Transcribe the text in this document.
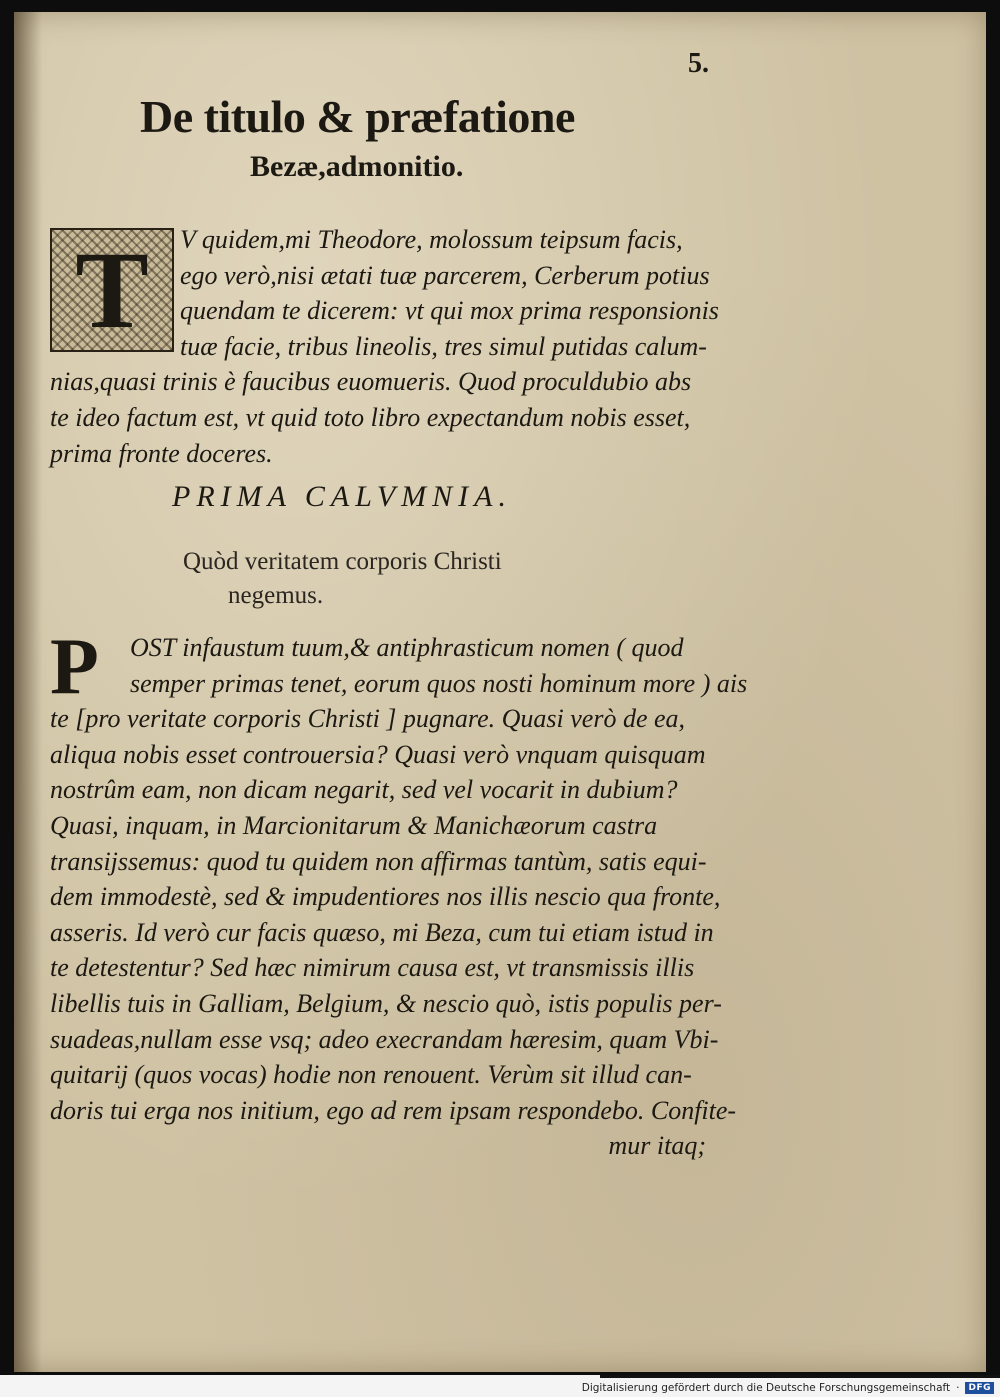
5.
De titulo & præfatione
Bezæ,admonitio.
T	V quidem,mi Theodore, molossum teipsum facis,
ego verò,nisi ætati tuæ parcerem, Cerberum potius
quendam te dicerem: vt qui mox prima responsionis
tuæ facie, tribus lineolis, tres simul putidas calum-
nias,quasi trinis è faucibus euomueris. Quod proculdubio abs
te ideo factum est, vt quid toto libro expectandum nobis esset,
prima fronte doceres.
PRIMA CALVMNIA.
Quòd veritatem corporis Christi
negemus.
P	OST infaustum tuum,& antiphrasticum nomen ( quod
semper primas tenet, eorum quos nosti hominum more ) ais
te [pro veritate corporis Christi ] pugnare. Quasi verò de ea,
aliqua nobis esset controuersia? Quasi verò vnquam quisquam
nostrûm eam, non dicam negarit, sed vel vocarit in dubium?
Quasi, inquam, in Marcionitarum & Manichæorum castra
transijssemus: quod tu quidem non affirmas tantùm, satis equi-
dem immodestè, sed & impudentiores nos illis nescio qua fronte,
asseris. Id verò cur facis quæso, mi Beza, cum tui etiam istud in
te detestentur? Sed hæc nimirum causa est, vt transmissis illis
libellis tuis in Galliam, Belgium, & nescio quò, istis populis per-
suadeas,nullam esse vsq; adeo execrandam hæresim, quam Vbi-
quitarij (quos vocas) hodie non renouent. Verùm sit illud can-
doris tui erga nos initium, ego ad rem ipsam respondebo. Confite-
mur itaq;
Digitalisierung gefördert durch die Deutsche Forschungsgemeinschaft ·	DFG
